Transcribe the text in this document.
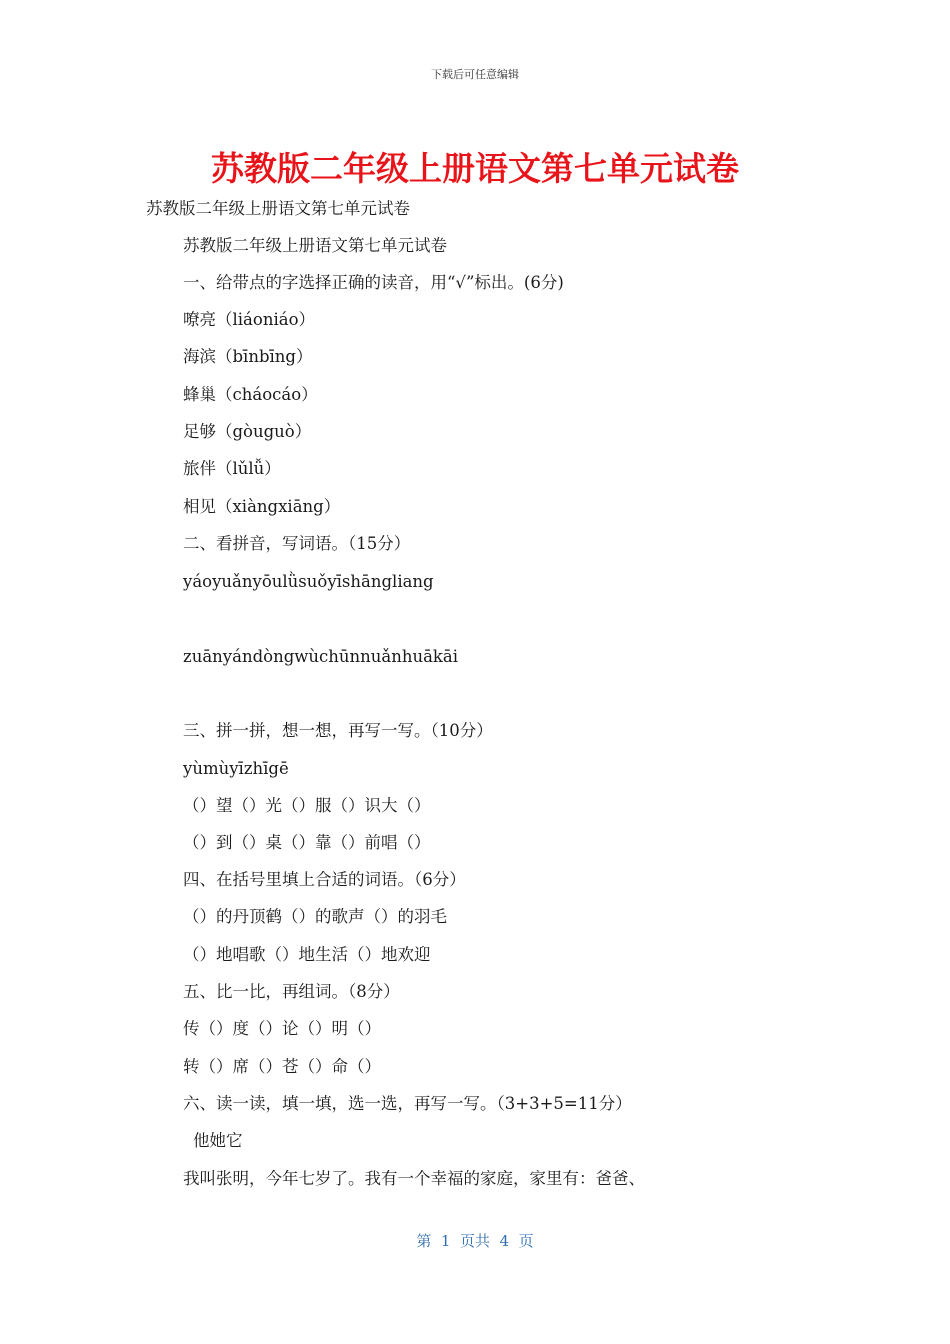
下载后可任意编辑
苏教版二年级上册语文第七单元试卷
苏教版二年级上册语文第七单元试卷
苏教版二年级上册语文第七单元试卷
一、给带点的字选择正确的读音，用“√”标出。(6分)
嘹亮（liáoniáo）
海滨（bīnbīng）
蜂巢（cháocáo）
足够（gòuguò）
旅伴（lǔlǚ）
相见（xiàngxiāng）
二、看拼音，写词语。（15分）
yáoyuǎnyōulǜsuǒyīshāngliang
zuānyándòngwùchūnnuǎnhuākāi
三、拼一拼，想一想，再写一写。（10分）
yùmùyīzhīgē
（）望（）光（）服（）识大（）
（）到（）桌（）靠（）前唱（）
四、在括号里填上合适的词语。（6分）
（）的丹顶鹤（）的歌声（）的羽毛
（）地唱歌（）地生活（）地欢迎
五、比一比，再组词。（8分）
传（）度（）论（）明（）
转（）席（）苍（）命（）
六、读一读，填一填，选一选，再写一写。（3+3+5=11分）
他她它
我叫张明，今年七岁了。我有一个幸福的家庭，家里有：爸爸、
第  1  页共  4  页
